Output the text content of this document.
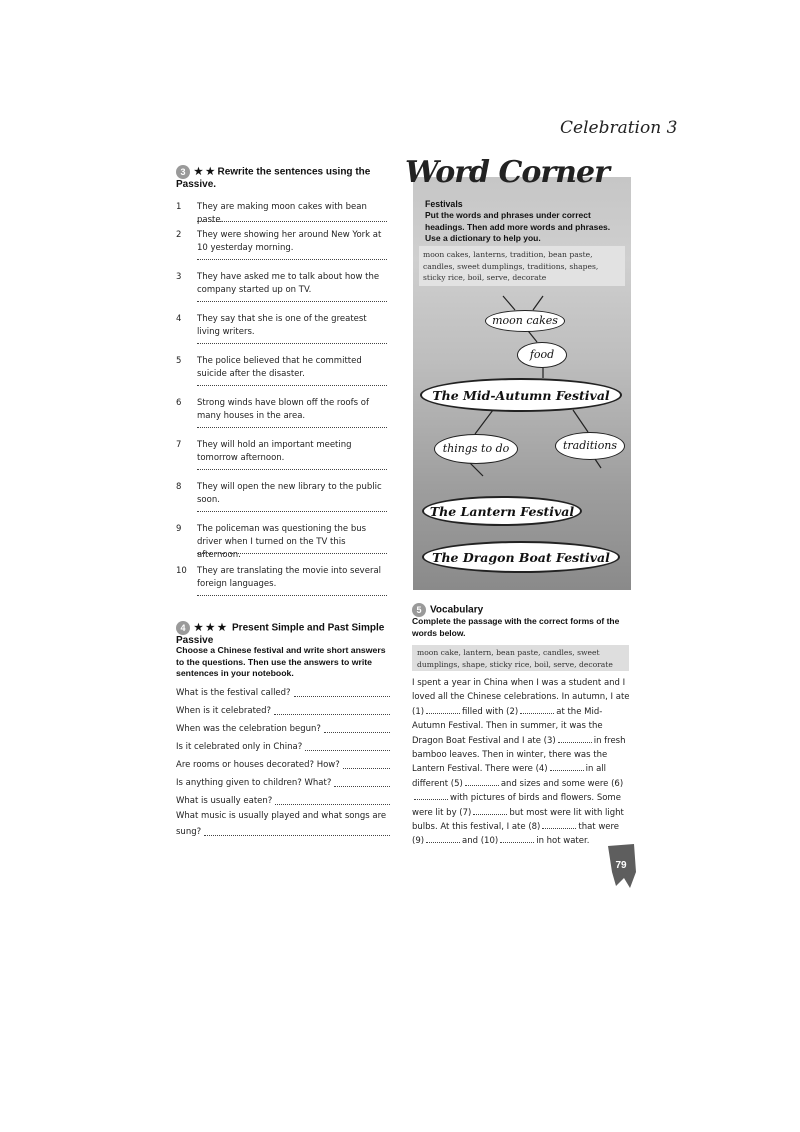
Celebration 3
3 ★ ★ Rewrite the sentences using the
Passive.
1 They are making moon cakes with bean paste.
2 They were showing her around New York at 10 yesterday morning.
3 They have asked me to talk about how the company started up on TV.
4 They say that she is one of the greatest living writers.
5 The police believed that he committed suicide after the disaster.
6 Strong winds have blown off the roofs of many houses in the area.
7 They will hold an important meeting tomorrow afternoon.
8 They will open the new library to the public soon.
9 The policeman was questioning the bus driver when I turned on the TV this afternoon.
10 They are translating the movie into several foreign languages.
4 ★ ★ ★ Present Simple and Past Simple
Passive
Choose a Chinese festival and write short answers to the questions. Then use the answers to write sentences in your notebook.
What is the festival called?
When is it celebrated?
When was the celebration begun?
Is it celebrated only in China?
Are rooms or houses decorated? How?
Is anything given to children? What?
What is usually eaten?
What music is usually played and what songs are
sung?
Word Corner
Festivals
Put the words and phrases under correct headings. Then add more words and phrases. Use a dictionary to help you.
moon cakes, lanterns, tradition, bean paste, candles, sweet dumplings, traditions, shapes, sticky rice, boil, serve, decorate
moon cakes
food
The Mid-Autumn Festival
things to do	traditions
The Lantern Festival
The Dragon Boat Festival
5 Vocabulary
Complete the passage with the correct forms of the words below.
moon cake, lantern, bean paste, candles, sweet dumplings, shape, sticky rice, boil, serve, decorate
I spent a year in China when I was a student and I loved all the Chinese celebrations. In autumn, I ate (1)	filled with (2)	at the Mid-Autumn Festival. Then in summer, it was the Dragon Boat Festival and I ate (3)	in fresh bamboo leaves. Then in winter, there was the Lantern Festival. There were (4)	in all different (5)	and sizes and some were (6)with pictures of birds and flowers. Some were lit by (7)	but most were lit with light bulbs. At this festival, I ate (8)	that were (9)	and (10)	in hot water.
79
